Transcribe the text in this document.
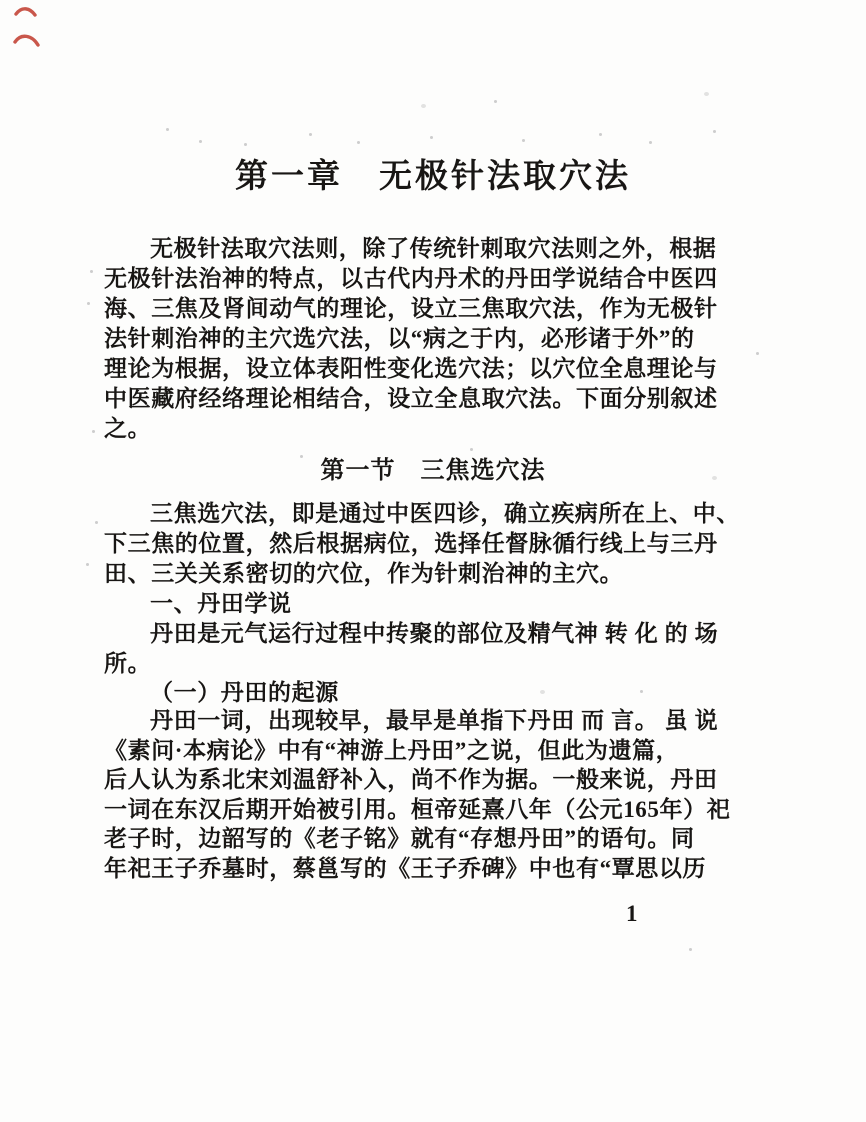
第一章　无极针法取穴法
无极针法取穴法则，除了传统针刺取穴法则之外，根据
无极针法治神的特点，以古代内丹术的丹田学说结合中医四
海、三焦及肾间动气的理论，设立三焦取穴法，作为无极针
法针刺治神的主穴选穴法，以“病之于内，必形诸于外”的
理论为根据，设立体表阳性变化选穴法；以穴位全息理论与
中医藏府经络理论相结合，设立全息取穴法。下面分别叙述
之。
第一节　三焦选穴法
三焦选穴法，即是通过中医四诊，确立疾病所在上、中、
下三焦的位置，然后根据病位，选择任督脉循行线上与三丹
田、三关关系密切的穴位，作为针刺治神的主穴。
一、丹田学说
丹田是元气运行过程中抟聚的部位及精气神 转 化 的 场
所。
（一）丹田的起源
丹田一词，出现较早，最早是单指下丹田 而 言。 虽 说
《素问·本病论》中有“神游上丹田”之说，但此为遗篇，
后人认为系北宋刘温舒补入，尚不作为据。一般来说，丹田
一词在东汉后期开始被引用。桓帝延熹八年（公元165年）祀
老子时，边韶写的《老子铭》就有“存想丹田”的语句。同
年祀王子乔墓时，蔡邕写的《王子乔碑》中也有“覃思以历
1
